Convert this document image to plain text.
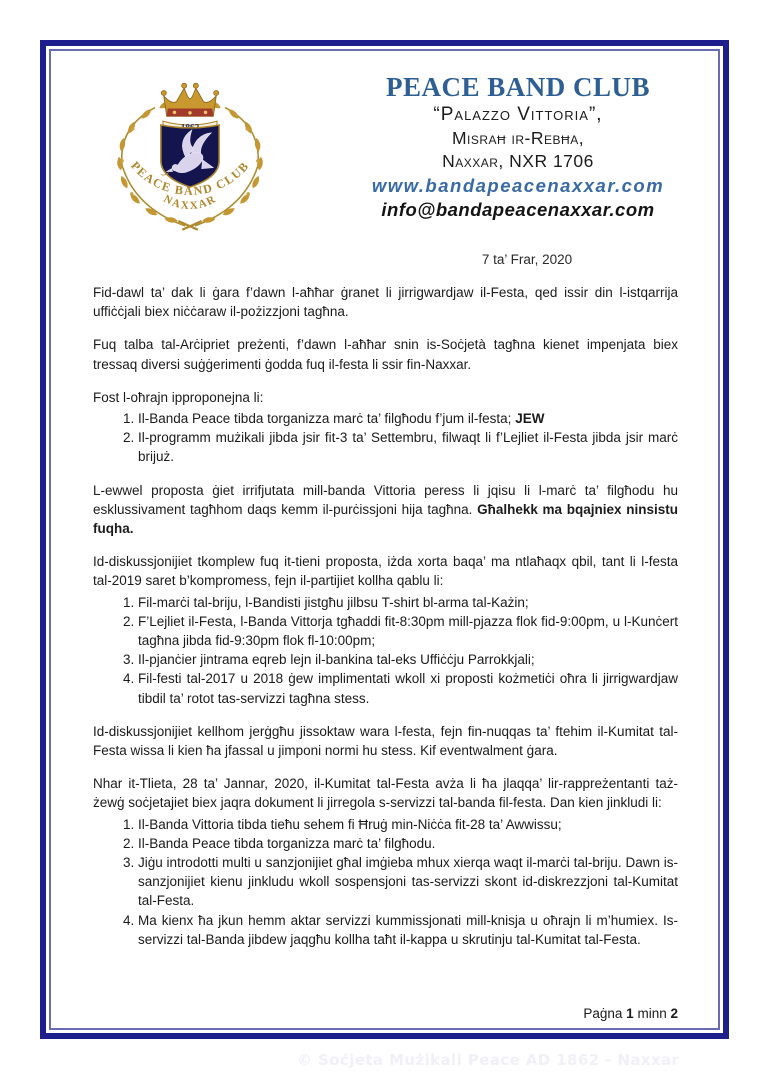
© Soċjeta Mużikali Peace AD 1862 - Naxxar
PEACE BAND CLUB
NAXXAR
PEACE BAND CLUB
“Palazzo Vittoria”,
Misraħ ir-Rebħa,
Naxxar, NXR 1706
www.bandapeacenaxxar.com
info@bandapeacenaxxar.com
7 ta’ Frar, 2020
Fid-dawl ta’ dak li ġara f’dawn l-aħħar ġranet li jirrigwardjaw il-Festa, qed issir din l-istqarrija uffiċċjali biex niċċaraw il-pożizzjoni tagħna.
Fuq talba tal-Arċipriet preżenti, f’dawn l-aħħar snin is-Soċjetà tagħna kienet impenjata biex tressaq diversi suġġerimenti ġodda fuq il-festa li ssir fin-Naxxar.
Fost l-oħrajn ipproponejna li:
1. Il-Banda Peace tibda torganizza marċ ta’ filgħodu f’jum il-festa; JEW
2. Il-programm mużikali jibda jsir fit-3 ta’ Settembru, filwaqt li f’Lejliet il-Festa jibda jsir marċ brijuż.
L-ewwel proposta ġiet irrifjutata mill-banda Vittoria peress li jqisu li l-marċ ta’ filgħodu hu esklussivament tagħhom daqs kemm il-purċissjoni hija tagħna. Għalhekk ma bqajniex ninsistu fuqha.
Id-diskussjonijiet tkomplew fuq it-tieni proposta, iżda xorta baqa’ ma ntlaħaqx qbil, tant li l-festa tal-2019 saret b’kompromess, fejn il-partijiet kollha qablu li:
1. Fil-marċi tal-briju, l-Bandisti jistgħu jilbsu T-shirt bl-arma tal-Każin;
2. F’Lejliet il-Festa, l-Banda Vittorja tgħaddi fit-8:30pm mill-pjazza flok fid-9:00pm, u l-Kunċert tagħna jibda fid-9:30pm flok fl-10:00pm;
3. Il-pjanċier jintrama eqreb lejn il-bankina tal-eks Uffiċċju Parrokkjali;
4. Fil-festi tal-2017 u 2018 ġew implimentati wkoll xi proposti kożmetiċi oħra li jirrigwardjaw tibdil ta’ rotot tas-servizzi tagħna stess.
Id-diskussjonijiet kellhom jerġgħu jissoktaw wara l-festa, fejn fin-nuqqas ta’ ftehim il-Kumitat tal-Festa wissa li kien ħa jfassal u jimponi normi hu stess. Kif eventwalment ġara.
Nhar it-Tlieta, 28 ta’ Jannar, 2020, il-Kumitat tal-Festa avża li ħa jlaqqa’ lir-rappreżentanti taż-żewġ soċjetajiet biex jaqra dokument li jirregola s-servizzi tal-banda fil-festa. Dan kien jinkludi li:
1. Il-Banda Vittoria tibda tieħu sehem fi Ħruġ min-Niċċa fit-28 ta’ Awwissu;
2. Il-Banda Peace tibda torganizza marċ ta’ filgħodu.
3. Jiġu introdotti multi u sanzjonijiet għal imġieba mhux xierqa waqt il-marċi tal-briju. Dawn is-sanzjonijiet kienu jinkludu wkoll sospensjoni tas-servizzi skont id-diskrezzjoni tal-Kumitat tal-Festa.
4. Ma kienx ħa jkun hemm aktar servizzi kummissjonati mill-knisja u oħrajn li m’humiex. Is-servizzi tal-Banda jibdew jaqgħu kollha taħt il-kappa u skrutinju tal-Kumitat tal-Festa.
Paġna 1 minn 2
